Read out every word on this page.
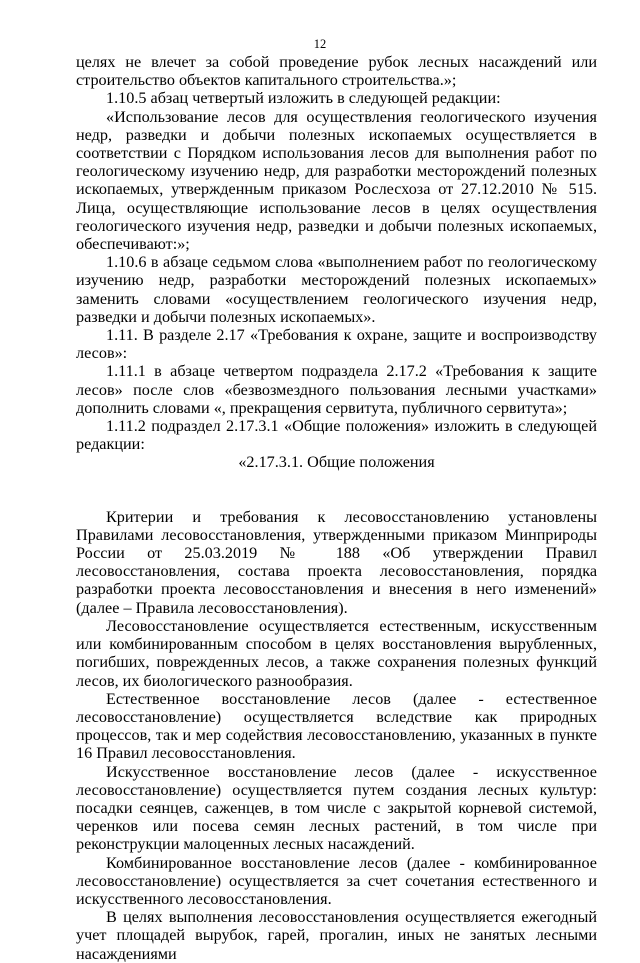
12

целях не влечет за собой проведение рубок лесных насаждений или строительство объектов капитального строительства.»;

1.10.5 абзац четвертый изложить в следующей редакции:

«Использование лесов для осуществления геологического изучения недр, разведки и добычи полезных ископаемых осуществляется в соответствии с Порядком использования лесов для выполнения работ по геологическому изучению недр, для разработки месторождений полезных ископаемых, утвержденным приказом Рослесхоза от 27.12.2010 № 515. Лица, осуществляющие использование лесов в целях осуществления геологического изучения недр, разведки и добычи полезных ископаемых, обеспечивают:»;

1.10.6 в абзаце седьмом слова «выполнением работ по геологическому изучению недр, разработки месторождений полезных ископаемых» заменить словами «осуществлением геологического изучения недр, разведки и добычи полезных ископаемых».

1.11. В разделе 2.17 «Требования к охране, защите и воспроизводству лесов»:

1.11.1 в абзаце четвертом подраздела 2.17.2 «Требования к защите лесов» после слов «безвозмездного пользования лесными участками» дополнить словами «, прекращения сервитута, публичного сервитута»;

1.11.2 подраздел 2.17.3.1 «Общие положения» изложить в следующей редакции:

«2.17.3.1. Общие положения

Критерии и требования к лесовосстановлению установлены Правилами лесовосстановления, утвержденными приказом Минприроды России от 25.03.2019 № 188 «Об утверждении Правил лесовосстановления, состава проекта лесовосстановления, порядка разработки проекта лесовосстановления и внесения в него изменений» (далее – Правила лесовосстановления).

Лесовосстановление осуществляется естественным, искусственным или комбинированным способом в целях восстановления вырубленных, погибших, поврежденных лесов, а также сохранения полезных функций лесов, их биологического разнообразия.

Естественное восстановление лесов (далее - естественное лесовосстановление) осуществляется вследствие как природных процессов, так и мер содействия лесовосстановлению, указанных в пункте 16 Правил лесовосстановления.

Искусственное восстановление лесов (далее - искусственное лесовосстановление) осуществляется путем создания лесных культур: посадки сеянцев, саженцев, в том числе с закрытой корневой системой, черенков или посева семян лесных растений, в том числе при реконструкции малоценных лесных насаждений.

Комбинированное восстановление лесов (далее - комбинированное лесовосстановление) осуществляется за счет сочетания естественного и искусственного лесовосстановления.

В целях выполнения лесовосстановления осуществляется ежегодный учет площадей вырубок, гарей, прогалин, иных не занятых лесными насаждениями
